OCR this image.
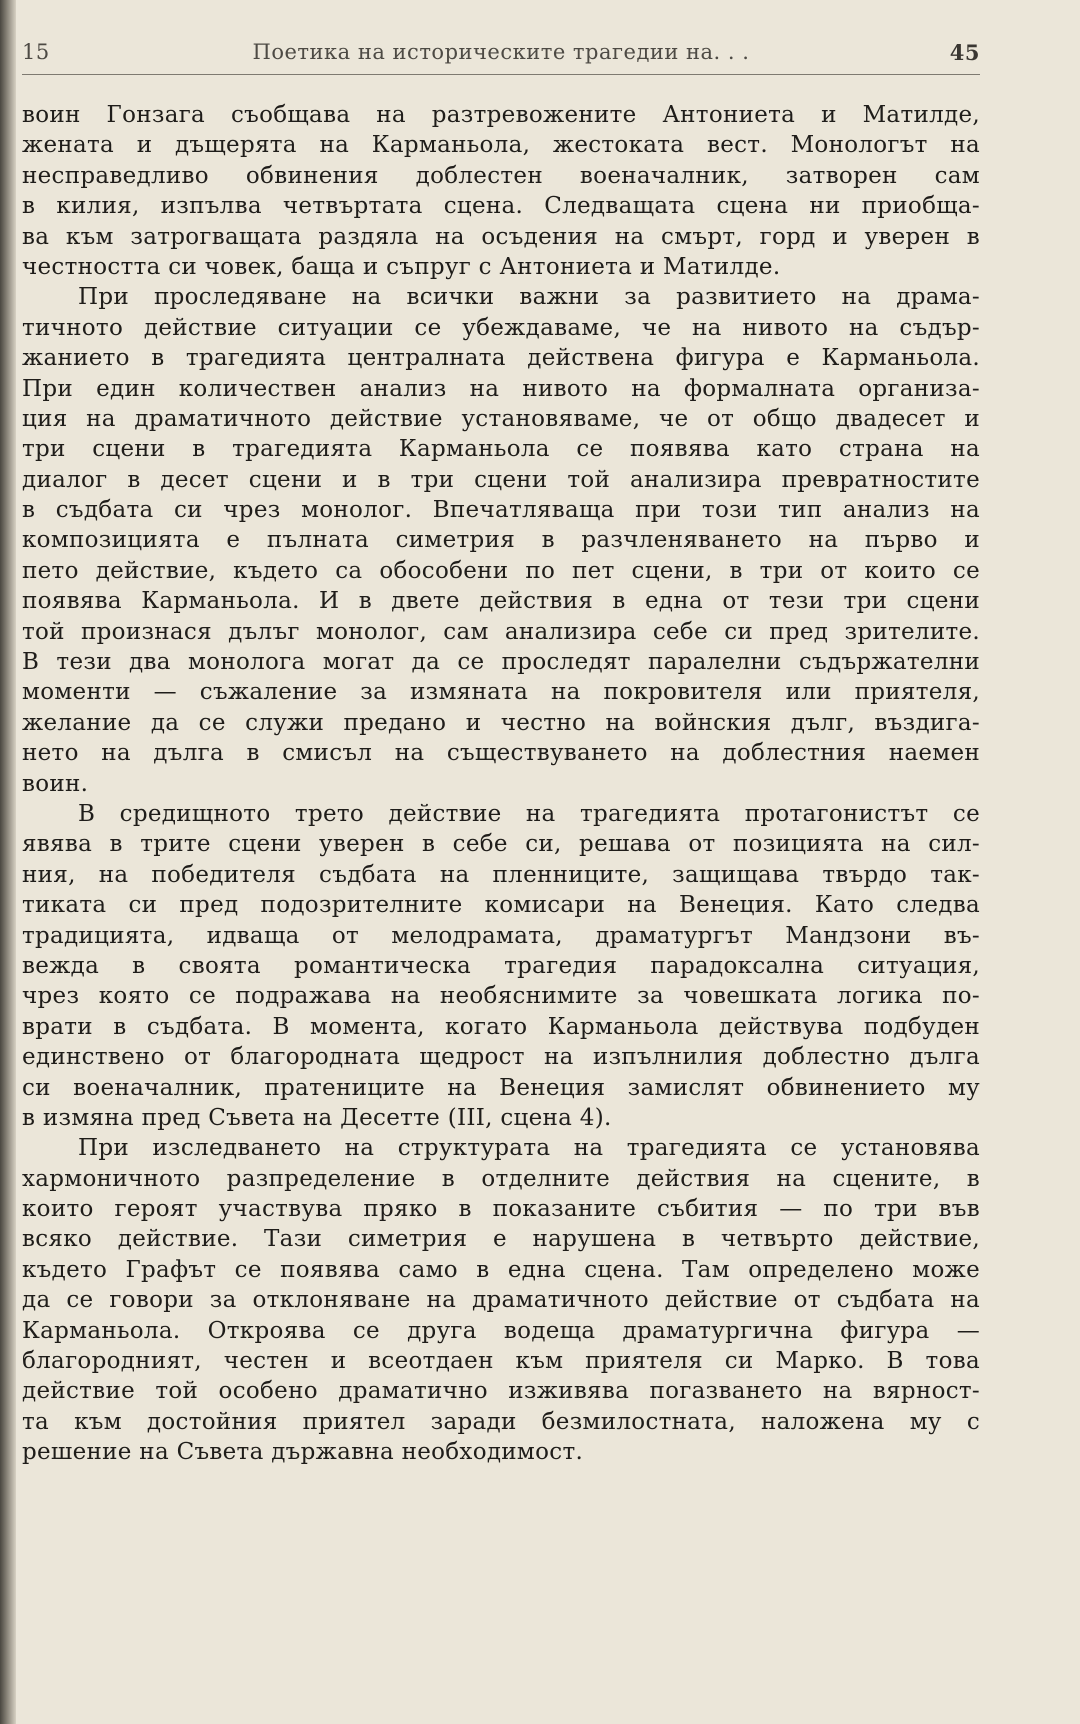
15	Поетика на историческите трагедии на. . .	45
воин Гонзага съобщава на разтревожените Антониета и Матилде,
жената и дъщерята на Карманьола, жестоката вест. Монологът на
несправедливо обвинения доблестен военачалник, затворен сам
в килия, изпълва четвъртата сцена. Следващата сцена ни приобща-
ва към затрогващата раздяла на осъдения на смърт, горд и уверен в
честността си човек, баща и съпруг с Антониета и Матилде.
При проследяване на всички важни за развитието на драма-
тичното действие ситуации се убеждаваме, че на нивото на съдър-
жанието в трагедията централната действена фигура е Карманьола.
При един количествен анализ на нивото на формалната организа-
ция на драматичното действие установяваме, че от общо двадесет и
три сцени в трагедията Карманьола се появява като страна на
диалог в десет сцени и в три сцени той анализира превратностите
в съдбата си чрез монолог. Впечатляваща при този тип анализ на
композицията е пълната симетрия в разчленяването на първо и
пето действие, където са обособени по пет сцени, в три от които се
появява Карманьола. И в двете действия в една от тези три сцени
той произнася дълъг монолог, сам анализира себе си пред зрителите.
В тези два монолога могат да се проследят паралелни съдържателни
моменти — съжаление за измяната на покровителя или приятеля,
желание да се служи предано и честно на войнския дълг, въздига-
нето на дълга в смисъл на съществуването на доблестния наемен
воин.
В средищното трето действие на трагедията протагонистът се
явява в трите сцени уверен в себе си, решава от позицията на сил-
ния, на победителя съдбата на пленниците, защищава твърдо так-
тиката си пред подозрителните комисари на Венеция. Като следва
традицията, идваща от мелодрамата, драматургът Мандзони въ-
вежда в своята романтическа трагедия парадоксална ситуация,
чрез която се подражава на необяснимите за човешката логика по-
врати в съдбата. В момента, когато Карманьола действува подбуден
единствено от благородната щедрост на изпълнилия доблестно дълга
си военачалник, пратениците на Венеция замислят обвинението му
в измяна пред Съвета на Десетте (III, сцена 4).
При изследването на структурата на трагедията се установява
хармоничното разпределение в отделните действия на сцените, в
които героят участвува пряко в показаните събития — по три във
всяко действие. Тази симетрия е нарушена в четвърто действие,
където Графът се появява само в една сцена. Там определено може
да се говори за отклоняване на драматичното действие от съдбата на
Карманьола. Откроява се друга водеща драматургична фигура —
благородният, честен и всеотдаен към приятеля си Марко. В това
действие той особено драматично изживява погазването на вярност-
та към достойния приятел заради безмилостната, наложена му с
решение на Съвета държавна необходимост.
